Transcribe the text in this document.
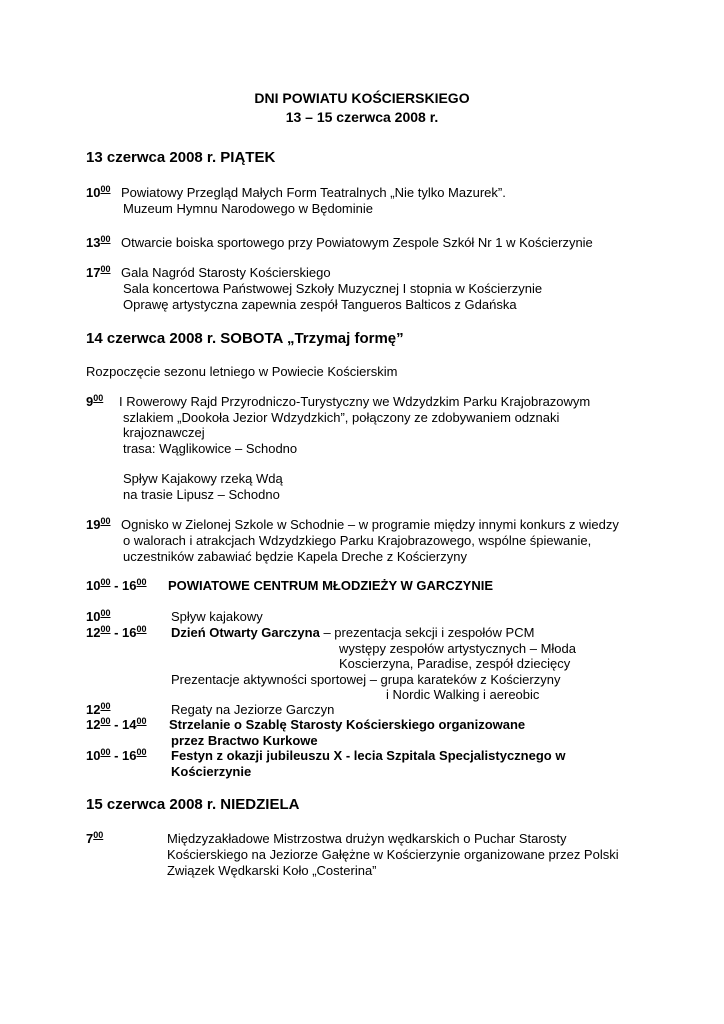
DNI POWIATU KOŚCIERSKIEGO
13 – 15 czerwca 2008 r.
13 czerwca 2008 r. PIĄTEK
$10^{00}$ Powiatowy Przegląd Małych Form Teatralnych „Nie tylko Mazurek”.
Muzeum Hymnu Narodowego w Będominie
$13^{00}$ Otwarcie boiska sportowego przy Powiatowym Zespole Szkół Nr 1 w Kościerzynie
$17^{00}$ Gala Nagród Starosty Kościerskiego
Sala koncertowa Państwowej Szkoły Muzycznej I stopnia w Kościerzynie
Oprawę artystyczna zapewnia zespół Tangueros Balticos z Gdańska
14 czerwca 2008 r. SOBOTA „Trzymaj formę”
Rozpoczęcie sezonu letniego w Powiecie Kościerskim
$9^{00}$ I Rowerowy Rajd Przyrodniczo-Turystyczny we Wdzydzkim Parku Krajobrazowym
szlakiem „Dookoła Jezior Wdzydzkich”, połączony ze zdobywaniem odznaki
krajoznawczej
trasa: Wąglikowice – Schodno
Spływ Kajakowy rzeką Wdą
na trasie Lipusz – Schodno
$19^{00}$ Ognisko w Zielonej Szkole w Schodnie – w programie między innymi konkurs z wiedzy
o walorach i atrakcjach Wdzydzkiego Parku Krajobrazowego, wspólne śpiewanie,
uczestników zabawiać będzie Kapela Dreche z Kościerzyny
$10^{00} - 16^{00}$ POWIATOWE CENTRUM MŁODZIEŻY W GARCZYNIE
$10^{00}$	Spływ kajakowy
$12^{00} - 16^{00}$ Dzień Otwarty Garczyna – prezentacja sekcji i zespołów PCM
występy zespołów artystycznych – Młoda
Koscierzyna, Paradise, zespół dziecięcy
Prezentacje aktywności sportowej – grupa karateków z Kościerzyny
i Nordic Walking i aereobic
$12^{00}$	Regaty na Jeziorze Garczyn
$12^{00} - 14^{00}$ Strzelanie o Szablę Starosty Kościerskiego organizowane
przez Bractwo Kurkowe
$10^{00} - 16^{00}$ Festyn z okazji jubileuszu X - lecia Szpitala Specjalistycznego w
Kościerzynie
15 czerwca 2008 r. NIEDZIELA
$7^{00}$	Międzyzakładowe Mistrzostwa drużyn wędkarskich o Puchar Starosty
Kościerskiego na Jeziorze Gałężne w Kościerzynie organizowane przez Polski
Związek Wędkarski Koło „Costerina”
